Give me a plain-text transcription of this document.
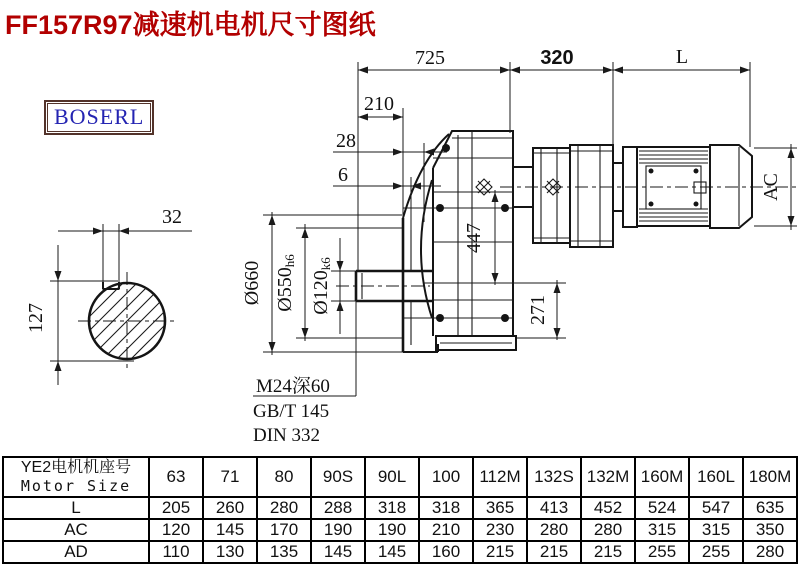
FF157R97减速机电机尺寸图纸
BOSERL
725	320	L
210
28
6
32
127
Ø660 Ø550h6
Ø120k6
447
271
AC
M24深60
GB/T 145
DIN 332
YE2电机机座号
Motor Size	63	71	80	90S	90L	100	112M	132S	132M	160M	160L	180M
L	205	260	280	288	318	318	365	413	452	524	547	635
AC	120	145	170	190	190	210	230	280	280	315	315	350
AD	110	130	135	145	145	160	215	215	215	255	255	280
